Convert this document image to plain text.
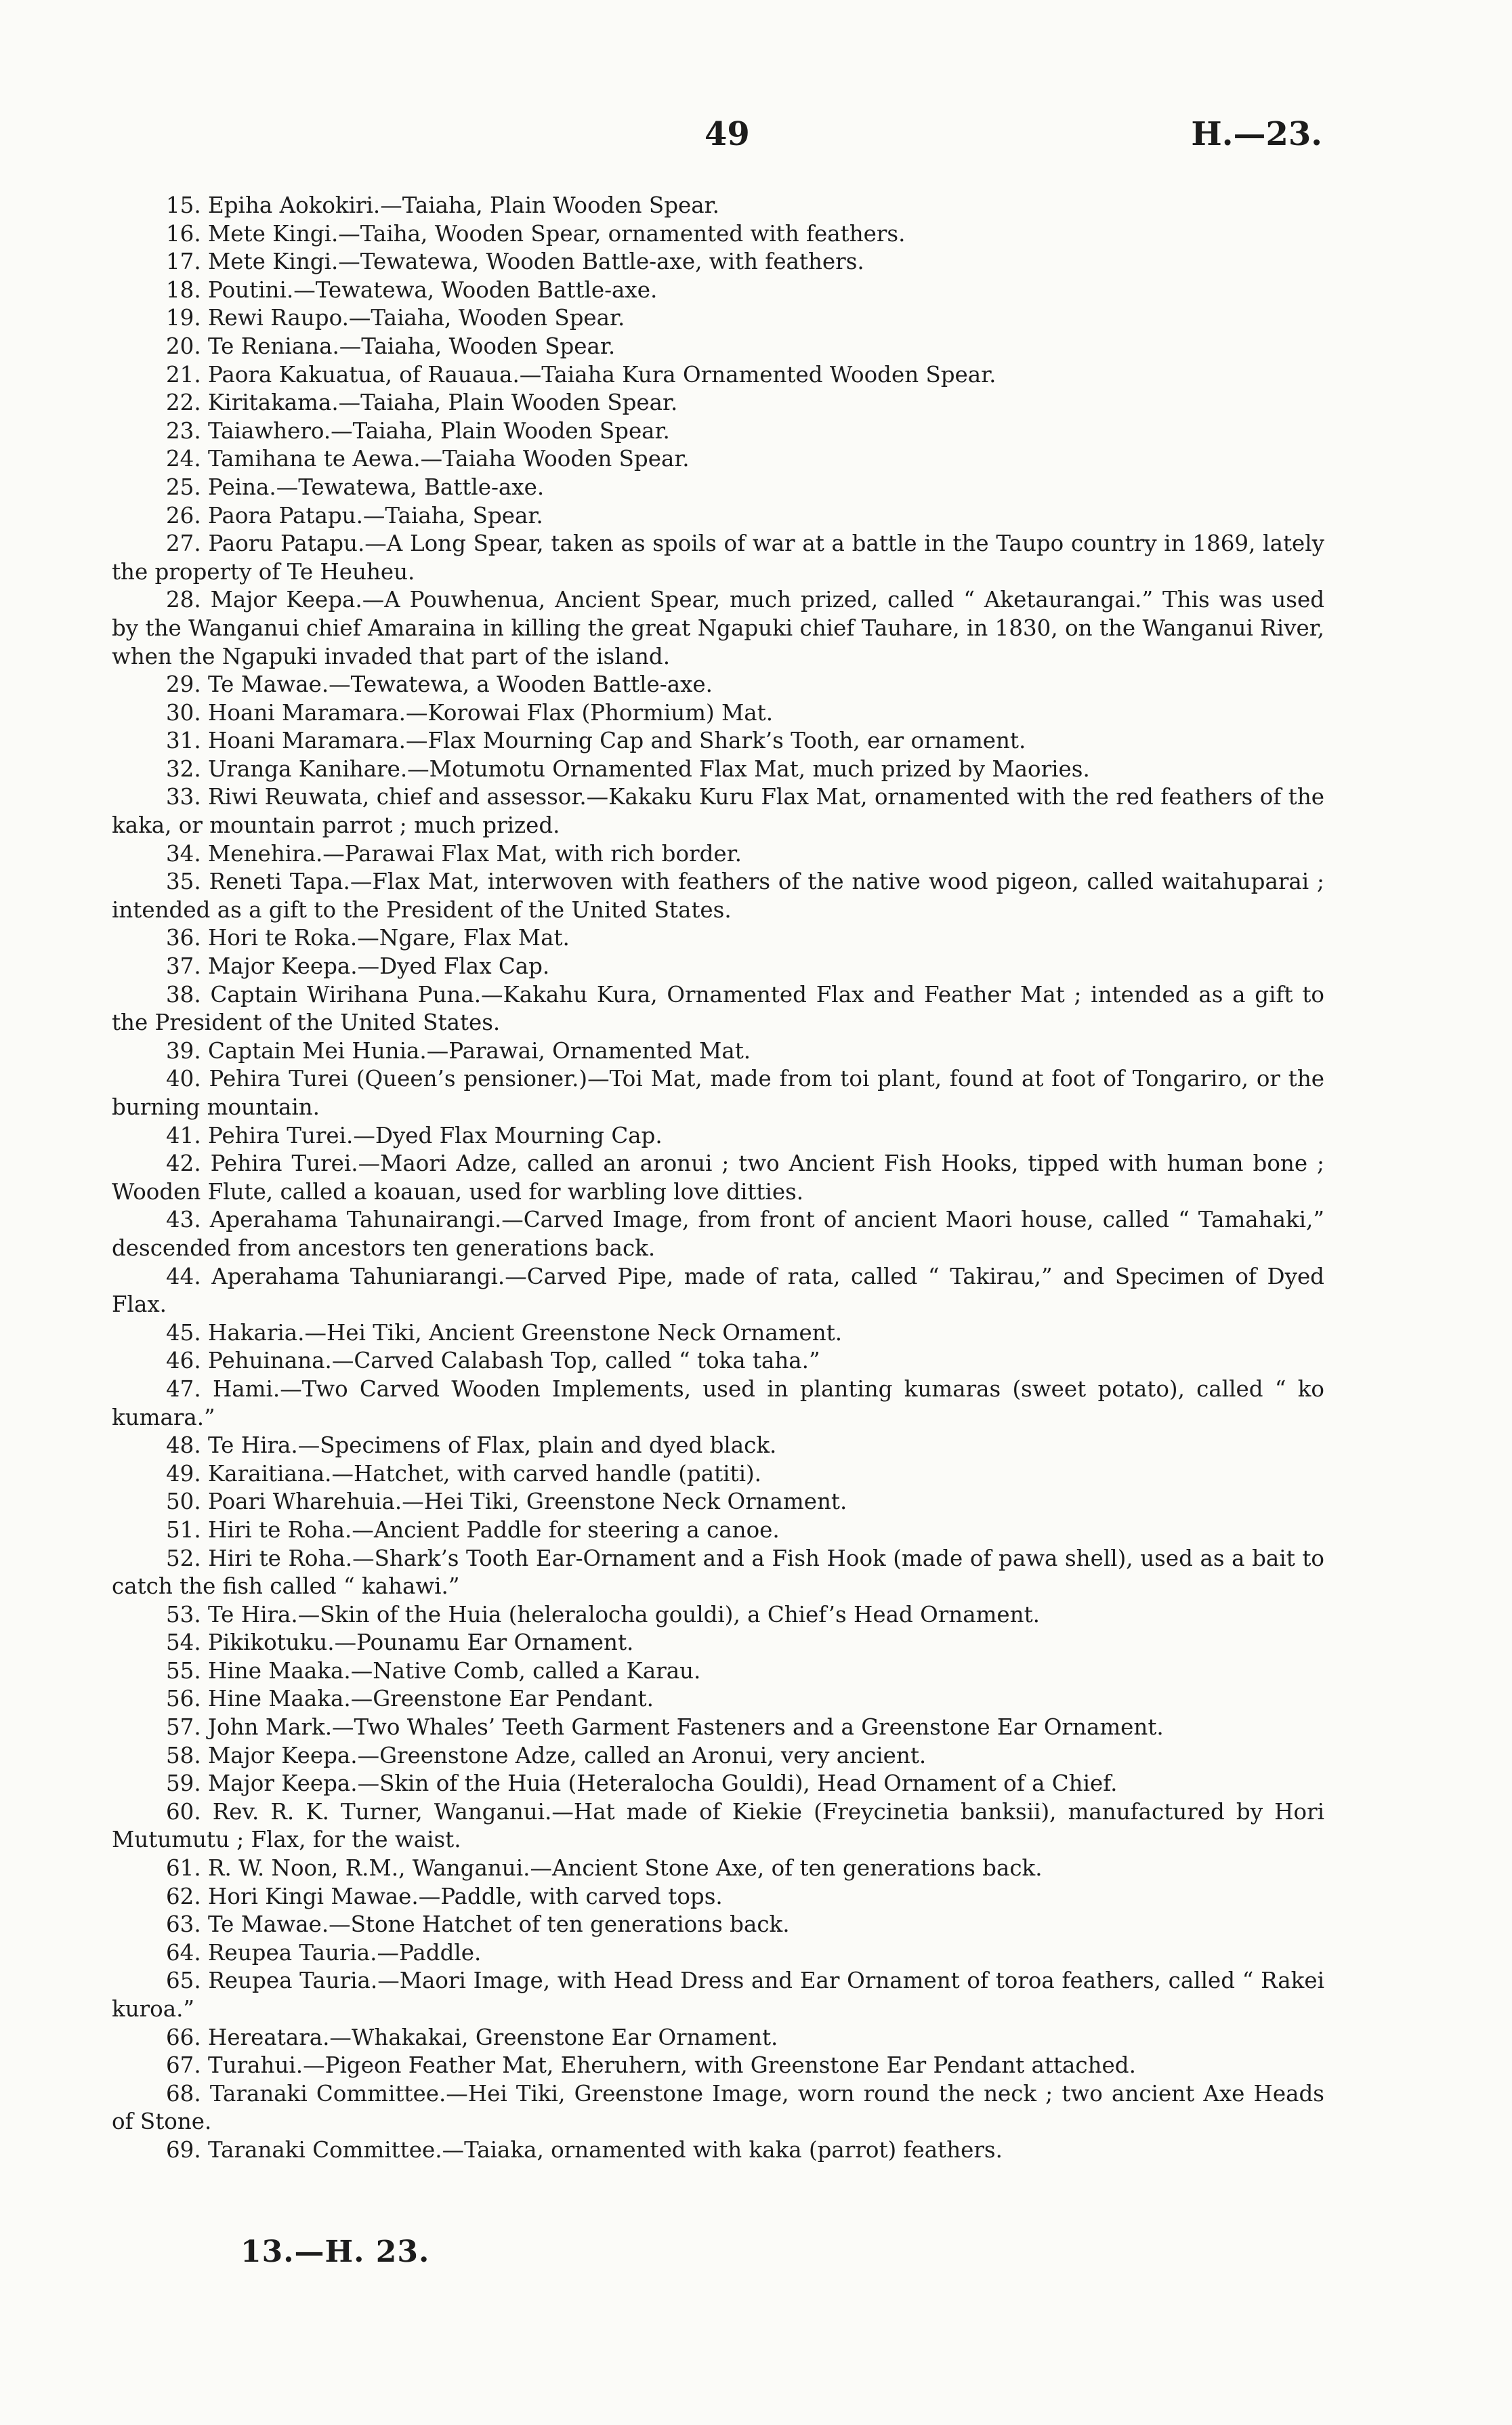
49	H.—23.
15. Epiha Aokokiri.—Taiaha, Plain Wooden Spear.
16. Mete Kingi.—Taiha, Wooden Spear, ornamented with feathers.
17. Mete Kingi.—Tewatewa, Wooden Battle-axe, with feathers.
18. Poutini.—Tewatewa, Wooden Battle-axe.
19. Rewi Raupo.—Taiaha, Wooden Spear.
20. Te Reniana.—Taiaha, Wooden Spear.
21. Paora Kakuatua, of Rauaua.—Taiaha Kura Ornamented Wooden Spear.
22. Kiritakama.—Taiaha, Plain Wooden Spear.
23. Taiawhero.—Taiaha, Plain Wooden Spear.
24. Tamihana te Aewa.—Taiaha Wooden Spear.
25. Peina.—Tewatewa, Battle-axe.
26. Paora Patapu.—Taiaha, Spear.
27. Paoru Patapu.—A Long Spear, taken as spoils of war at a battle in the Taupo country in 1869, lately the property of Te Heuheu.
28. Major Keepa.—A Pouwhenua, Ancient Spear, much prized, called “ Aketaurangai.” This was used by the Wanganui chief Amaraina in killing the great Ngapuki chief Tauhare, in 1830, on the Wanganui River, when the Ngapuki invaded that part of the island.
29. Te Mawae.—Tewatewa, a Wooden Battle-axe.
30. Hoani Maramara.—Korowai Flax (Phormium) Mat.
31. Hoani Maramara.—Flax Mourning Cap and Shark’s Tooth, ear ornament.
32. Uranga Kanihare.—Motumotu Ornamented Flax Mat, much prized by Maories.
33. Riwi Reuwata, chief and assessor.—Kakaku Kuru Flax Mat, ornamented with the red feathers of the kaka, or mountain parrot ; much prized.
34. Menehira.—Parawai Flax Mat, with rich border.
35. Reneti Tapa.—Flax Mat, interwoven with feathers of the native wood pigeon, called waitahuparai ; intended as a gift to the President of the United States.
36. Hori te Roka.—Ngare, Flax Mat.
37. Major Keepa.—Dyed Flax Cap.
38. Captain Wirihana Puna.—Kakahu Kura, Ornamented Flax and Feather Mat ; intended as a gift to the President of the United States.
39. Captain Mei Hunia.—Parawai, Ornamented Mat.
40. Pehira Turei (Queen’s pensioner.)—Toi Mat, made from toi plant, found at foot of Tongariro, or the burning mountain.
41. Pehira Turei.—Dyed Flax Mourning Cap.
42. Pehira Turei.—Maori Adze, called an aronui ; two Ancient Fish Hooks, tipped with human bone ; Wooden Flute, called a koauan, used for warbling love ditties.
43. Aperahama Tahunairangi.—Carved Image, from front of ancient Maori house, called “ Tamahaki,” descended from ancestors ten generations back.
44. Aperahama Tahuniarangi.—Carved Pipe, made of rata, called “ Takirau,” and Specimen of Dyed Flax.
45. Hakaria.—Hei Tiki, Ancient Greenstone Neck Ornament.
46. Pehuinana.—Carved Calabash Top, called “ toka taha.”
47. Hami.—Two Carved Wooden Implements, used in planting kumaras (sweet potato), called “ ko kumara.”
48. Te Hira.—Specimens of Flax, plain and dyed black.
49. Karaitiana.—Hatchet, with carved handle (patiti).
50. Poari Wharehuia.—Hei Tiki, Greenstone Neck Ornament.
51. Hiri te Roha.—Ancient Paddle for steering a canoe.
52. Hiri te Roha.—Shark’s Tooth Ear-Ornament and a Fish Hook (made of pawa shell), used as a bait to catch the fish called “ kahawi.”
53. Te Hira.—Skin of the Huia (heleralocha gouldi), a Chief’s Head Ornament.
54. Pikikotuku.—Pounamu Ear Ornament.
55. Hine Maaka.—Native Comb, called a Karau.
56. Hine Maaka.—Greenstone Ear Pendant.
57. John Mark.—Two Whales’ Teeth Garment Fasteners and a Greenstone Ear Ornament.
58. Major Keepa.—Greenstone Adze, called an Aronui, very ancient.
59. Major Keepa.—Skin of the Huia (Heteralocha Gouldi), Head Ornament of a Chief.
60. Rev. R. K. Turner, Wanganui.—Hat made of Kiekie (Freycinetia banksii), manufactured by Hori Mutumutu ; Flax, for the waist.
61. R. W. Noon, R.M., Wanganui.—Ancient Stone Axe, of ten generations back.
62. Hori Kingi Mawae.—Paddle, with carved tops.
63. Te Mawae.—Stone Hatchet of ten generations back.
64. Reupea Tauria.—Paddle.
65. Reupea Tauria.—Maori Image, with Head Dress and Ear Ornament of toroa feathers, called “ Rakei kuroa.”
66. Hereatara.—Whakakai, Greenstone Ear Ornament.
67. Turahui.—Pigeon Feather Mat, Eheruhern, with Greenstone Ear Pendant attached.
68. Taranaki Committee.—Hei Tiki, Greenstone Image, worn round the neck ; two ancient Axe Heads of Stone.
69. Taranaki Committee.—Taiaka, ornamented with kaka (parrot) feathers.
13.—H. 23.
